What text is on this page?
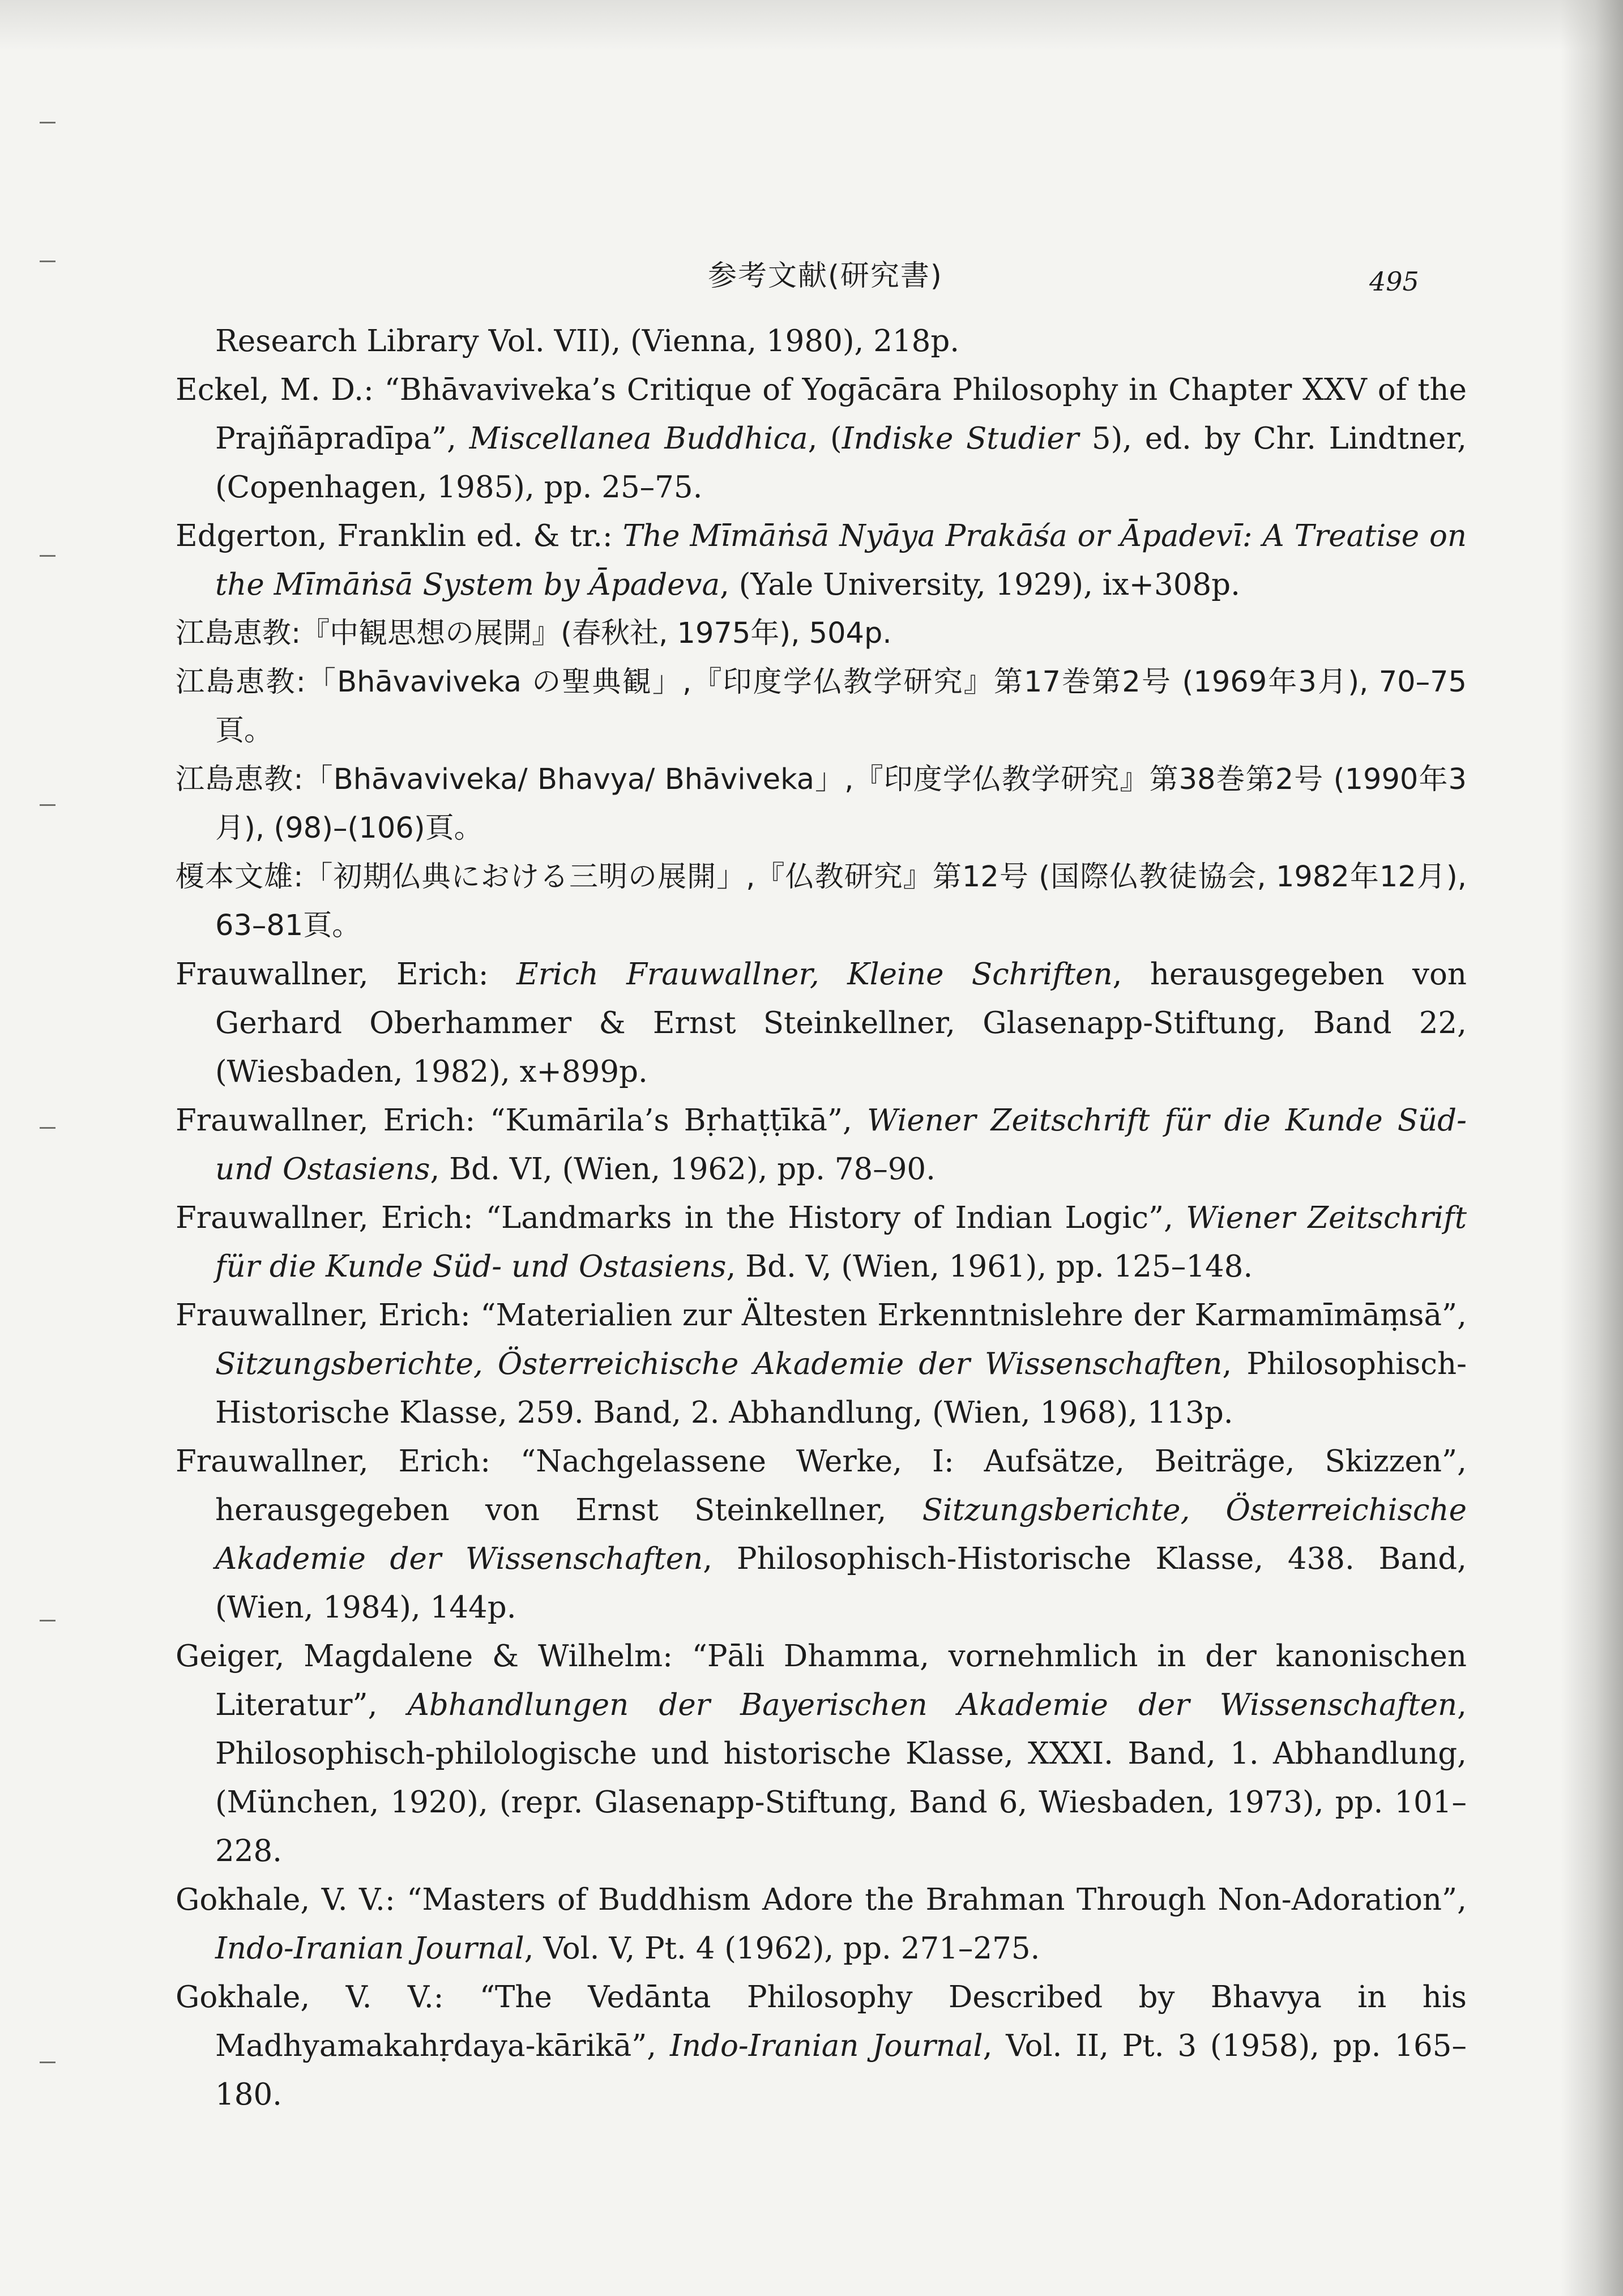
参考文献(研究書)	495

Research Library Vol. VII), (Vienna, 1980), 218p.

Eckel, M. D.: “Bhāvaviveka’s Critique of Yogācāra Philosophy in Chapter XXV of the Prajñāpradīpa”, Miscellanea Buddhica, (Indiske Studier 5), ed. by Chr. Lindtner, (Copenhagen, 1985), pp. 25–75.

Edgerton, Franklin ed. & tr.: The Mīmāṅsā Nyāya Prakāśa or Āpadevī: A Treatise on the Mīmāṅsā System by Āpadeva, (Yale University, 1929), ix+308p.

江島恵教:『中観思想の展開』(春秋社, 1975年), 504p.

江島恵教:「Bhāvaviveka の聖典観」,『印度学仏教学研究』第17巻第2号 (1969年3月), 70–75頁。

江島恵教:「Bhāvaviveka/ Bhavya/ Bhāviveka」,『印度学仏教学研究』第38巻第2号 (1990年3月), (98)–(106)頁。

榎本文雄:「初期仏典における三明の展開」,『仏教研究』第12号 (国際仏教徒協会, 1982年12月), 63–81頁。

Frauwallner, Erich: Erich Frauwallner, Kleine Schriften, herausgegeben von Gerhard Oberhammer & Ernst Steinkellner, Glasenapp-Stiftung, Band 22, (Wiesbaden, 1982), x+899p.

Frauwallner, Erich: “Kumārila’s Bṛhaṭṭīkā”, Wiener Zeitschrift für die Kunde Süd- und Ostasiens, Bd. VI, (Wien, 1962), pp. 78–90.

Frauwallner, Erich: “Landmarks in the History of Indian Logic”, Wiener Zeitschrift für die Kunde Süd- und Ostasiens, Bd. V, (Wien, 1961), pp. 125–148.

Frauwallner, Erich: “Materialien zur Ältesten Erkenntnislehre der Karmamīmāṃsā”, Sitzungsberichte, Österreichische Akademie der Wissenschaften, Philosophisch-Historische Klasse, 259. Band, 2. Abhandlung, (Wien, 1968), 113p.

Frauwallner, Erich: “Nachgelassene Werke, I: Aufsätze, Beiträge, Skizzen”, herausgegeben von Ernst Steinkellner, Sitzungsberichte, Österreichische Akademie der Wissenschaften, Philosophisch-Historische Klasse, 438. Band, (Wien, 1984), 144p.

Geiger, Magdalene & Wilhelm: “Pāli Dhamma, vornehmlich in der kanonischen Literatur”, Abhandlungen der Bayerischen Akademie der Wissenschaften, Philosophisch-philologische und historische Klasse, XXXI. Band, 1. Abhandlung, (München, 1920), (repr. Glasenapp-Stiftung, Band 6, Wiesbaden, 1973), pp. 101–228.

Gokhale, V. V.: “Masters of Buddhism Adore the Brahman Through Non-Adoration”, Indo-Iranian Journal, Vol. V, Pt. 4 (1962), pp. 271–275.

Gokhale, V. V.: “The Vedānta Philosophy Described by Bhavya in his Madhyamakahṛdaya-kārikā”, Indo-Iranian Journal, Vol. II, Pt. 3 (1958), pp. 165–180.
